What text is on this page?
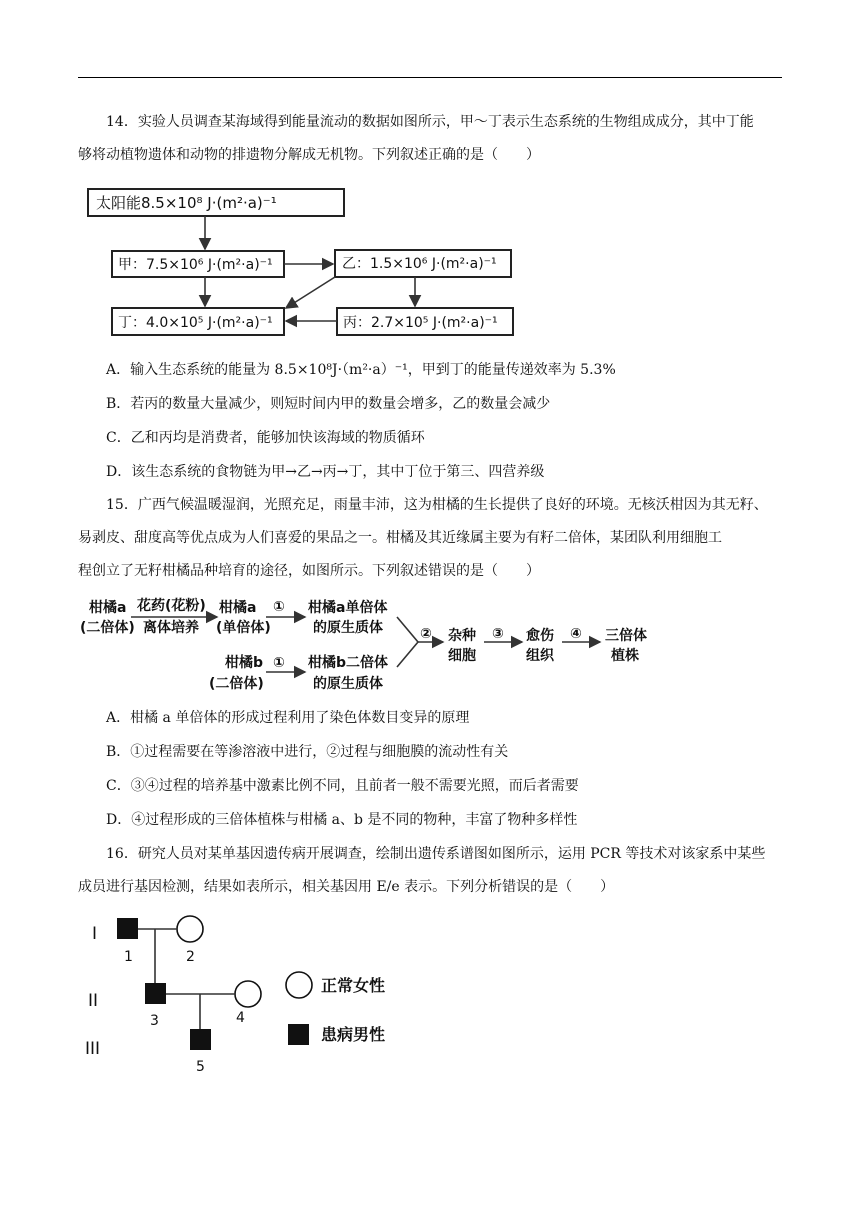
14．实验人员调查某海域得到能量流动的数据如图所示，甲～丁表示生态系统的生物组成成分，其中丁能
够将动植物遗体和动物的排遗物分解成无机物。下列叙述正确的是（　　）
太阳能8.5×10⁸ J·(m²·a)⁻¹
甲：7.5×10⁶ J·(m²·a)⁻¹	乙：1.5×10⁶ J·(m²·a)⁻¹
丁：4.0×10⁵ J·(m²·a)⁻¹	丙：2.7×10⁵ J·(m²·a)⁻¹
柑橘a
(二倍体)
花药(花粉)
离体培养
柑橘a
(单倍体)
① 柑橘a单倍体
的原生质体
柑橘b
(二倍体)
① 柑橘b二倍体
的原生质体
② 杂种
细胞
③ 愈伤
组织
④ 三倍体
植株
I
II
III
1	2
3	4
5
正常女性
患病男性
A．输入生态系统的能量为 8.5×10⁸J·（m²·a）⁻¹，甲到丁的能量传递效率为 5.3%
B．若丙的数量大量减少，则短时间内甲的数量会增多，乙的数量会减少
C．乙和丙均是消费者，能够加快该海域的物质循环
D．该生态系统的食物链为甲→乙→丙→丁，其中丁位于第三、四营养级
15．广西气候温暖湿润，光照充足，雨量丰沛，这为柑橘的生长提供了良好的环境。无核沃柑因为其无籽、
易剥皮、甜度高等优点成为人们喜爱的果品之一。柑橘及其近缘属主要为有籽二倍体，某团队利用细胞工
程创立了无籽柑橘品种培育的途径，如图所示。下列叙述错误的是（　　）
A．柑橘 a 单倍体的形成过程利用了染色体数目变异的原理
B．①过程需要在等渗溶液中进行，②过程与细胞膜的流动性有关
C．③④过程的培养基中激素比例不同，且前者一般不需要光照，而后者需要
D．④过程形成的三倍体植株与柑橘 a、b 是不同的物种，丰富了物种多样性
16．研究人员对某单基因遗传病开展调查，绘制出遗传系谱图如图所示，运用 PCR 等技术对该家系中某些
成员进行基因检测，结果如表所示，相关基因用 E/e 表示。下列分析错误的是（　　）
